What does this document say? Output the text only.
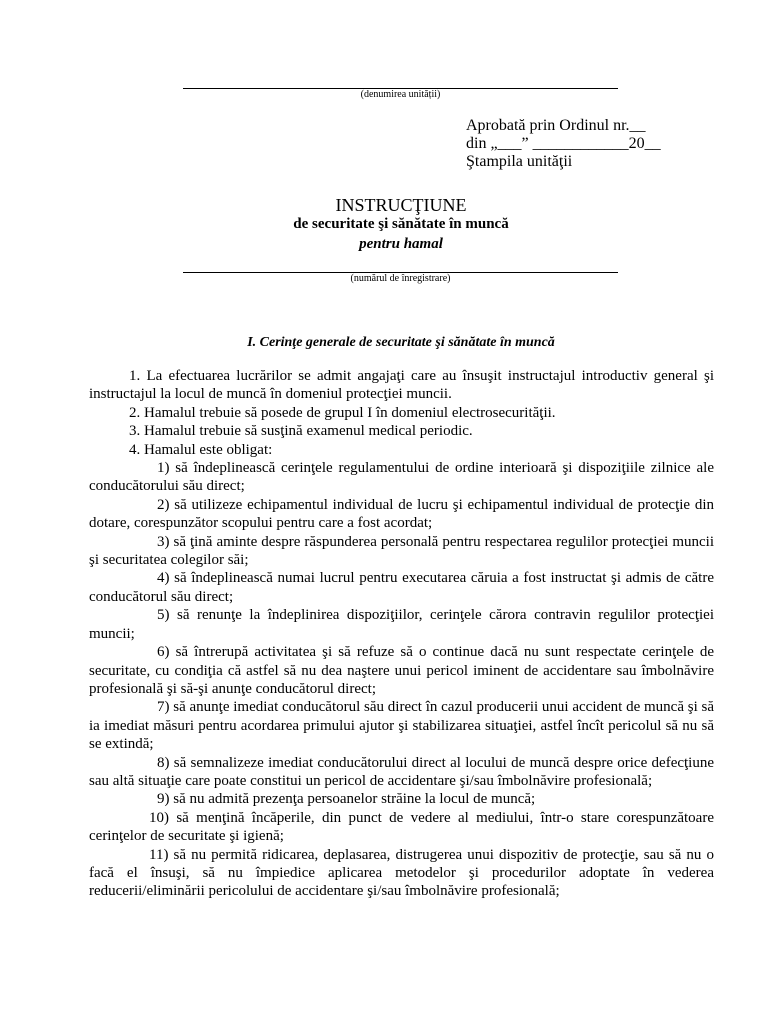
(denumirea unității)
Aprobată prin Ordinul nr.__
din „___” ____________20__
Ştampila unităţii
INSTRUCŢIUNE
de securitate şi sănătate în muncă
pentru hamal
(numărul de înregistrare)
I. Cerinţe generale de securitate şi sănătate în muncă

1. La efectuarea lucrărilor se admit angajaţi care au însuşit instructajul introductiv general şi instructajul la locul de muncă în domeniul protecţiei muncii.

2. Hamalul trebuie să posede de grupul I în domeniul electrosecurităţii.

3. Hamalul trebuie să susţină examenul medical periodic.

4. Hamalul este obligat:

1) să îndeplinească cerinţele regulamentului de ordine interioară şi dispoziţiile zilnice ale conducătorului său direct;

2) să utilizeze echipamentul individual de lucru şi echipamentul individual de protecţie din dotare, corespunzător scopului pentru care a fost acordat;

3) să ţină aminte despre răspunderea personală pentru respectarea regulilor protecţiei muncii şi securitatea colegilor săi;

4) să îndeplinească numai lucrul pentru executarea căruia a fost instructat şi admis de către conducătorul său direct;

5) să renunţe la îndeplinirea dispoziţiilor, cerinţele cărora contravin regulilor protecţiei muncii;

6) să întrerupă activitatea şi să refuze să o continue dacă nu sunt respectate cerinţele de securitate, cu condiţia că astfel să nu dea naştere unui pericol iminent de accidentare sau îmbolnăvire profesională şi să-şi anunţe conducătorul direct;

7) să anunţe imediat conducătorul său direct în cazul producerii unui accident de muncă şi să ia imediat măsuri pentru acordarea primului ajutor şi stabilizarea situaţiei, astfel încît pericolul să nu să se extindă;

8) să semnalizeze imediat conducătorului direct al locului de muncă despre orice defecţiune sau altă situaţie care poate constitui un pericol de accidentare şi/sau îmbolnăvire profesională;

9) să nu admită prezenţa persoanelor străine la locul de muncă;

10) să menţină încăperile, din punct de vedere al mediului, într-o stare corespunzătoare cerinţelor de securitate şi igienă;

11) să nu permită ridicarea, deplasarea, distrugerea unui dispozitiv de protecţie, sau să nu o facă el însuşi, să nu împiedice aplicarea metodelor şi procedurilor adoptate în vederea reducerii/eliminării pericolului de accidentare şi/sau îmbolnăvire profesională;
